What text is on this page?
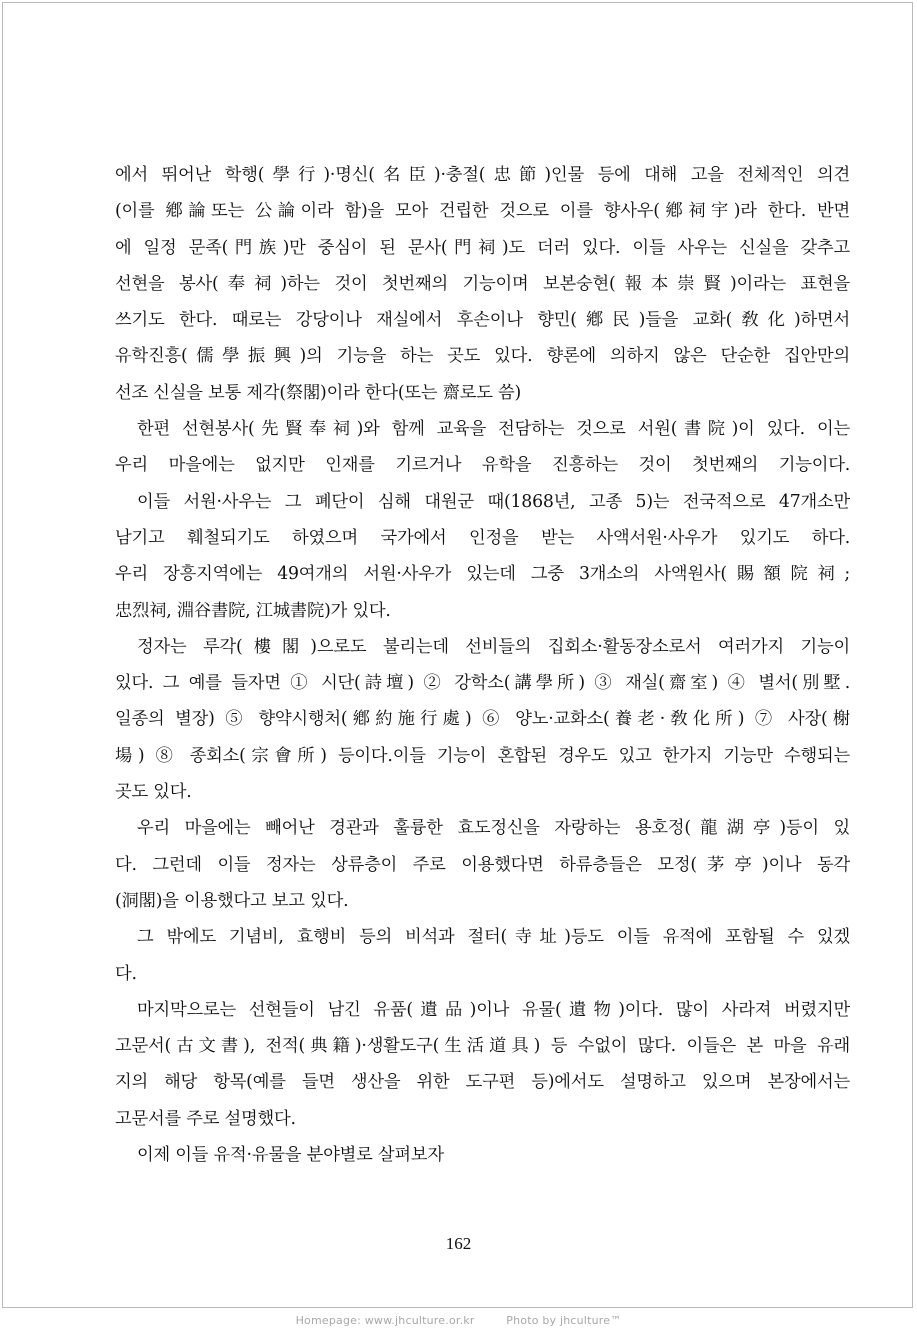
에서 뛰어난 학행(學行)·명신(名臣)·충절(忠節)인물 등에 대해 고을 전체적인 의견
(이를 鄕論또는 公論이라 함)을 모아 건립한 것으로 이를 향사우(鄕祠宇)라 한다. 반면
에 일정 문족(門族)만 중심이 된 문사(門祠)도 더러 있다. 이들 사우는 신실을 갖추고
선현을 봉사(奉祠)하는 것이 첫번째의 기능이며 보본숭현(報本崇賢)이라는 표현을
쓰기도 한다. 때로는 강당이나 재실에서 후손이나 향민(鄕民)들을 교화(敎化)하면서
유학진흥(儒學振興)의 기능을 하는 곳도 있다. 향론에 의하지 않은 단순한 집안만의
선조 신실을 보통 제각(祭閣)이라 한다(또는 齋로도 씀)
한편 선현봉사(先賢奉祠)와 함께 교육을 전담하는 것으로 서원(書院)이 있다. 이는
우리 마을에는 없지만 인재를 기르거나 유학을 진흥하는 것이 첫번째의 기능이다.
이들 서원·사우는 그 폐단이 심해 대원군 때(1868년, 고종 5)는 전국적으로 47개소만
남기고 훼철되기도 하였으며 국가에서 인정을 받는 사액서원·사우가 있기도 하다.
우리 장흥지역에는 49여개의 서원·사우가 있는데 그중 3개소의 사액원사(賜額院祠;
忠烈祠, 淵谷書院, 江城書院)가 있다.
정자는 루각(樓閣)으로도 불리는데 선비들의 집회소·활동장소로서 여러가지 기능이
있다. 그 예를 들자면 ① 시단(詩壇) ② 강학소(講學所) ③ 재실(齋室) ④ 별서(別墅.
일종의 별장) ⑤ 향약시행처(鄕約施行處) ⑥ 양노·교화소(養老·敎化所) ⑦ 사장(榭
場) ⑧ 종회소(宗會所) 등이다.이들 기능이 혼합된 경우도 있고 한가지 기능만 수행되는
곳도 있다.
우리 마을에는 빼어난 경관과 훌륭한 효도정신을 자랑하는 용호정(龍湖亭)등이 있
다. 그런데 이들 정자는 상류층이 주로 이용했다면 하류층들은 모정(茅亭)이나 동각
(洞閣)을 이용했다고 보고 있다.
그 밖에도 기념비, 효행비 등의 비석과 절터(寺址)등도 이들 유적에 포함될 수 있겠
다.
마지막으로는 선현들이 남긴 유품(遺品)이나 유물(遺物)이다. 많이 사라져 버렸지만
고문서(古文書), 전적(典籍)·생활도구(生活道具) 등 수없이 많다. 이들은 본 마을 유래
지의 해당 항목(예를 들면 생산을 위한 도구편 등)에서도 설명하고 있으며 본장에서는
고문서를 주로 설명했다.
이제 이들 유적·유물을 분야별로 살펴보자
162
Homepage: www.jhculture.or.kr	Photo by jhculture™
